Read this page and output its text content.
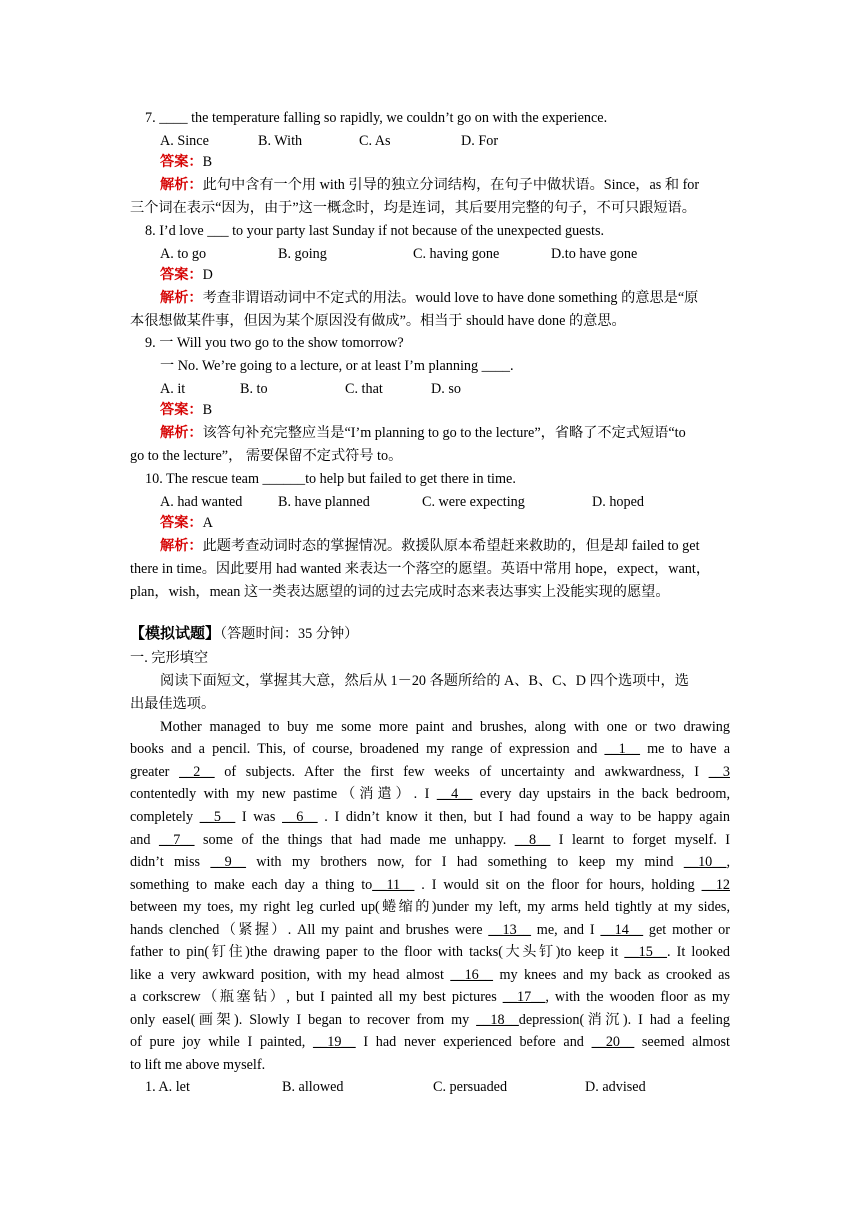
7. ____ the temperature falling so rapidly, we couldn’t go on with the experience.
A. Since	B. With	C. As	D. For
答案：B
解析：此句中含有一个用 with 引导的独立分词结构，在句子中做状语。Since，as 和 for
三个词在表示“因为，由于”这一概念时，均是连词，其后要用完整的句子，不可只跟短语。
8. I’d love ___ to your party last Sunday if not because of the unexpected guests.
A. to go	B. going	C. having gone	D.to have gone
答案：D
解析：考查非谓语动词中不定式的用法。would love to have done something 的意思是“原
本很想做某件事，但因为某个原因没有做成”。相当于 should have done 的意思。
9. 一 Will you two go to the show tomorrow?
一 No. We’re going to a lecture, or at least I’m planning ____.
A. it	B. to	C. that	D. so
答案：B
解析：该答句补充完整应当是“I’m planning to go to the lecture”，省略了不定式短语“to
go to the lecture”， 需要保留不定式符号 to。
10. The rescue team ______to help but failed to get there in time.
A. had wanted	B. have planned	C. were expecting	D. hoped
答案：A
解析：此题考查动词时态的掌握情况。救援队原本希望赶来救助的，但是却 failed to get
there in time。因此要用 had wanted 来表达一个落空的愿望。英语中常用 hope，expect，want，
plan，wish，mean 这一类表达愿望的词的过去完成时态来表达事实上没能实现的愿望。
【模拟试题】（答题时间：35 分钟）
一. 完形填空
阅读下面短文，掌握其大意，然后从 1－20 各题所给的 A、B、C、D 四个选项中，选
出最佳选项。
Mother managed to buy me some more paint and brushes, along with one or two drawing
books and a pencil. This, of course, broadened my range of expression and __1__ me to have a
greater __2__ of subjects. After the first few weeks of uncertainty and awkwardness, I __3
contentedly with my new pastime（消遣）. I __4__ every day upstairs in the back bedroom,
completely __5__ I was __6__ . I didn’t know it then, but I had found a way to be happy again
and __7__ some of the things that had made me unhappy. __8__ I learnt to forget myself. I
didn’t miss __9__ with my brothers now, for I had something to keep my mind __10__,
something to make each day a thing to__11__ . I would sit on the floor for hours, holding __12
between my toes, my right leg curled up(蜷缩的)under my left, my arms held tightly at my sides,
hands clenched（紧握）. All my paint and brushes were __13__ me, and I __14__ get mother or
father to pin(钉住)the drawing paper to the floor with tacks(大头钉)to keep it __15__. It looked
like a very awkward position, with my head almost __16__ my knees and my back as crooked as
a corkscrew（瓶塞钻）, but I painted all my best pictures __17__, with the wooden floor as my
only easel(画架). Slowly I began to recover from my __18__depression(消沉). I had a feeling
of pure joy while I painted, __19__ I had never experienced before and __20__ seemed almost
to lift me above myself.
1. A. let	B. allowed	C. persuaded	D. advised
